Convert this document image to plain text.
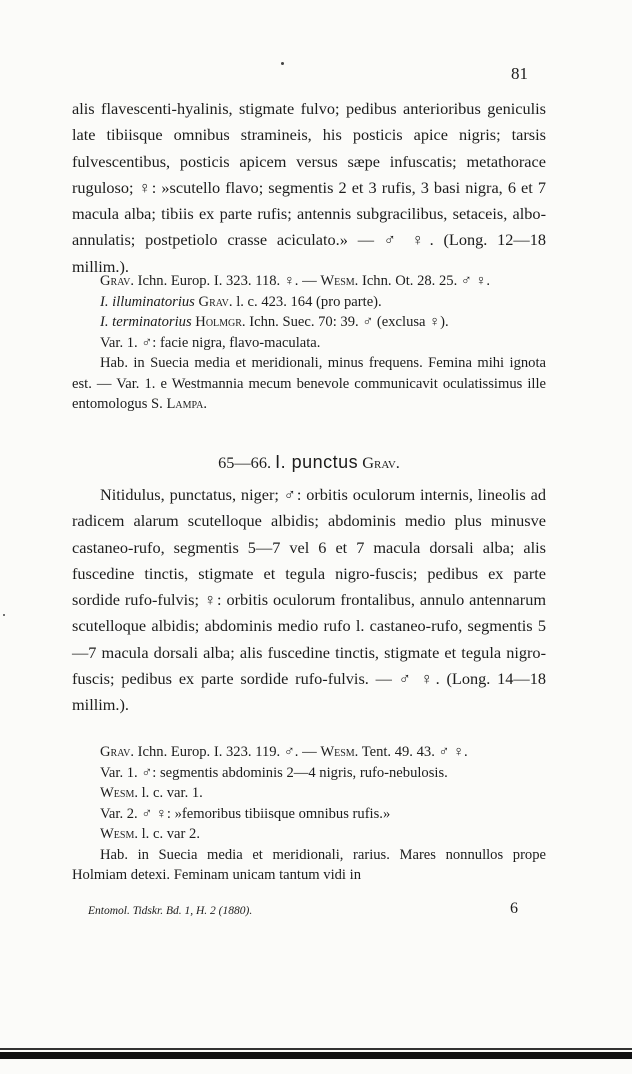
81

alis flavescenti-hyalinis, stigmate fulvo; pedibus anterioribus geniculis late tibiisque omnibus stramineis, his posticis apice nigris; tarsis fulvescentibus, posticis apicem versus sæpe infuscatis; metathorace ruguloso; ♀: »scutello flavo; segmentis 2 et 3 rufis, 3 basi nigra, 6 et 7 macula alba; tibiis ex parte rufis; antennis subgracilibus, setaceis, albo-annulatis; postpetiolo crasse aciculato.» — ♂ ♀. (Long. 12—18 millim.).

Grav. Ichn. Europ. I. 323. 118. ♀. — Wesm. Ichn. Ot. 28. 25. ♂ ♀.

I. illuminatorius Grav. l. c. 423. 164 (pro parte).

I. terminatorius Holmgr. Ichn. Suec. 70: 39. ♂ (exclusa ♀).

Var. 1. ♂: facie nigra, flavo-maculata.

Hab. in Suecia media et meridionali, minus frequens. Femina mihi ignota est. — Var. 1. e Westmannia mecum benevole communicavit oculatissimus ille entomologus S. Lampa.

65—66. I. punctus Grav.

Nitidulus, punctatus, niger; ♂: orbitis oculorum internis, lineolis ad radicem alarum scutelloque albidis; abdominis medio plus minusve castaneo-rufo, segmentis 5—7 vel 6 et 7 macula dorsali alba; alis fuscedine tinctis, stigmate et tegula nigro-fuscis; pedibus ex parte sordide rufo-fulvis; ♀: orbitis oculorum frontalibus, annulo antennarum scutelloque albidis; abdominis medio rufo l. castaneo-rufo, segmentis 5—7 macula dorsali alba; alis fuscedine tinctis, stigmate et tegula nigro-fuscis; pedibus ex parte sordide rufo-fulvis. — ♂ ♀. (Long. 14—18 millim.).

Grav. Ichn. Europ. I. 323. 119. ♂. — Wesm. Tent. 49. 43. ♂ ♀.

Var. 1. ♂: segmentis abdominis 2—4 nigris, rufo-nebulosis.

Wesm. l. c. var. 1.

Var. 2. ♂ ♀: »femoribus tibiisque omnibus rufis.»

Wesm. l. c. var 2.

Hab. in Suecia media et meridionali, rarius. Mares nonnullos prope Holmiam detexi. Feminam unicam tantum vidi in

Entomol. Tidskr. Bd. 1, H. 2 (1880).	6
